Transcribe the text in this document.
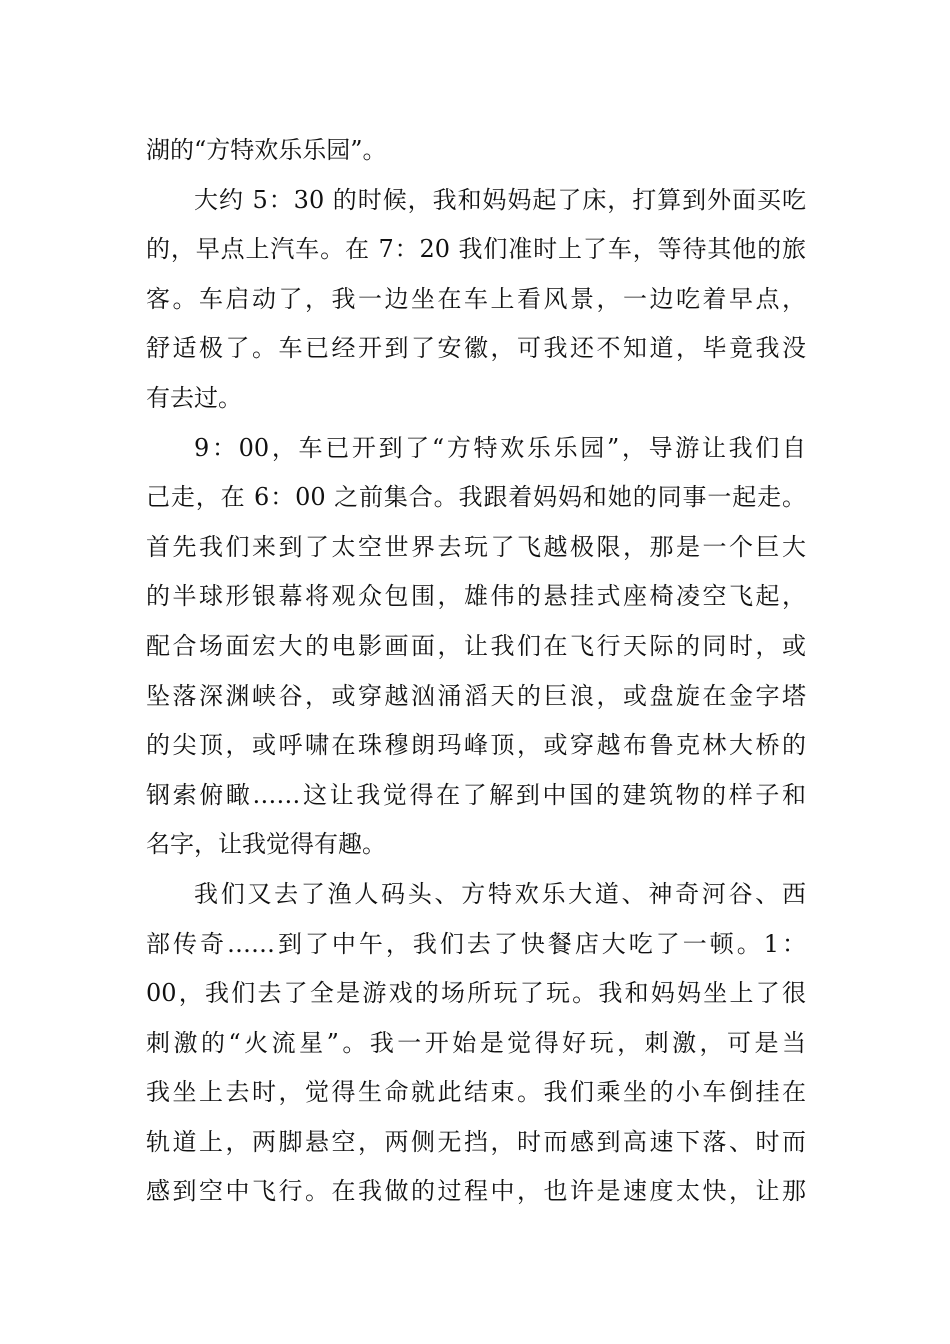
湖的“方特欢乐乐园”。
大约 5：30 的时候，我和妈妈起了床，打算到外面买吃
的，早点上汽车。在 7：20 我们准时上了车，等待其他的旅
客。车启动了，我一边坐在车上看风景，一边吃着早点，
舒适极了。车已经开到了安徽，可我还不知道，毕竟我没
有去过。
9：00，车已开到了“方特欢乐乐园”，导游让我们自
己走，在 6：00 之前集合。我跟着妈妈和她的同事一起走。
首先我们来到了太空世界去玩了飞越极限，那是一个巨大
的半球形银幕将观众包围，雄伟的悬挂式座椅凌空飞起，
配合场面宏大的电影画面，让我们在飞行天际的同时，或
坠落深渊峡谷，或穿越汹涌滔天的巨浪，或盘旋在金字塔
的尖顶，或呼啸在珠穆朗玛峰顶，或穿越布鲁克林大桥的
钢索俯瞰……这让我觉得在了解到中国的建筑物的样子和
名字，让我觉得有趣。
我们又去了渔人码头、方特欢乐大道、神奇河谷、西
部传奇……到了中午，我们去了快餐店大吃了一顿。1：
00，我们去了全是游戏的场所玩了玩。我和妈妈坐上了很
刺激的“火流星”。我一开始是觉得好玩，刺激，可是当
我坐上去时，觉得生命就此结束。我们乘坐的小车倒挂在
轨道上，两脚悬空，两侧无挡，时而感到高速下落、时而
感到空中飞行。在我做的过程中，也许是速度太快，让那
